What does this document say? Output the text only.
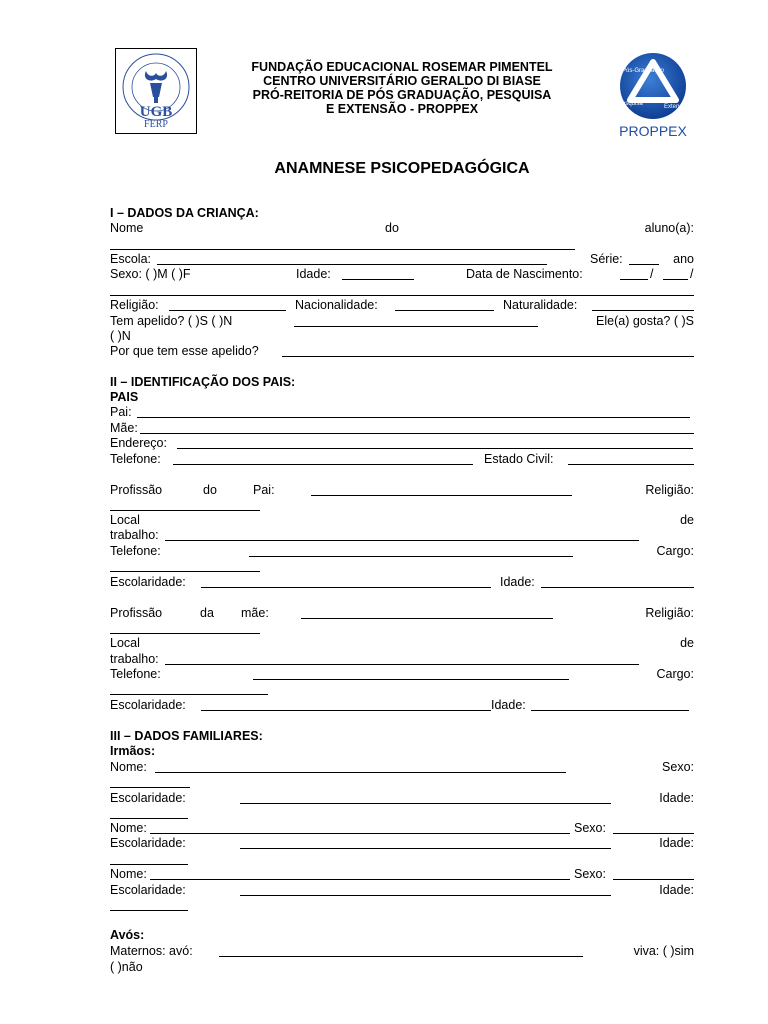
UGB
FERP
FUNDAÇÃO EDUCACIONAL ROSEMAR PIMENTEL
CENTRO UNIVERSITÁRIO GERALDO DI BIASE
PRÓ-REITORIA DE PÓS GRADUAÇÃO, PESQUISA
E EXTENSÃO - PROPPEX
Pós-Graduação
Pesquisa	Extensão
PROPPEX
ANAMNESE PSICOPEDAGÓGICA
I – DADOS DA CRIANÇA:
Nome	do	aluno(a):
Escola:	Série:	ano
Sexo: ( )M ( )F	Idade:	Data de Nascimento:	/	/
Religião:	Nacionalidade:	Naturalidade:
Tem apelido? ( )S ( )N	Ele(a) gosta? ( )S
( )N
Por que tem esse apelido?
II – IDENTIFICAÇÃO DOS PAIS:
PAIS
Pai:
Mãe:
Endereço:
Telefone:	Estado Civil:
Profissão	do	Pai:	Religião:
Local	de
trabalho:
Telefone:	Cargo:
Escolaridade:	Idade:
Profissão	da mãe:	Religião:
Local	de
trabalho:
Telefone:	Cargo:
Escolaridade:	Idade:
III – DADOS FAMILIARES:
Irmãos:
Nome:	Sexo:
Escolaridade:	Idade:
Nome:	Sexo:
Escolaridade:	Idade:
Nome:	Sexo:
Escolaridade:	Idade:
Avós:
Maternos: avó:	viva: ( )sim
( )não
